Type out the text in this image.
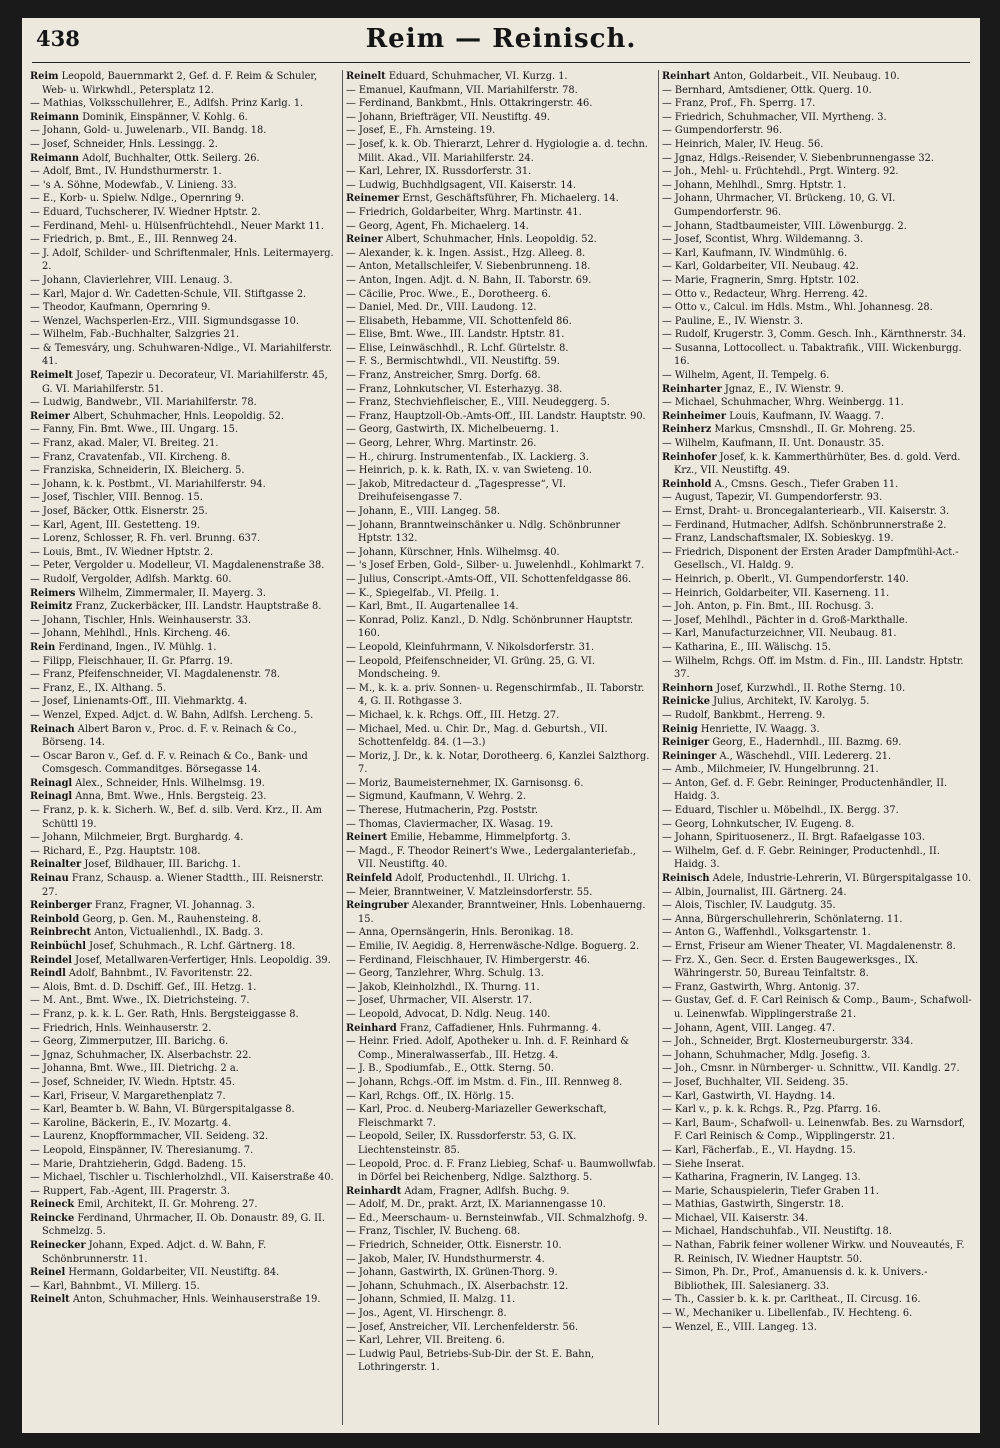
438	Reim — Reinisch.

Reim Leopold, Bauernmarkt 2, Gef. d. F. Reim & Schuler, Web- u. Wirkwhdl., Petersplatz 12.

— Mathias, Volksschullehrer, E., Adlfsh. Prinz Karlg. 1.

Reimann Dominik, Einspänner, V. Kohlg. 6.

— Johann, Gold- u. Juwelenarb., VII. Bandg. 18.

— Josef, Schneider, Hnls. Lessingg. 2.

Reimann Adolf, Buchhalter, Ottk. Seilerg. 26.

— Adolf, Bmt., IV. Hundsthurmerstr. 1.

— 's A. Söhne, Modewfab., V. Linieng. 33.

— E., Korb- u. Spielw. Ndlge., Opernring 9.

— Eduard, Tuchscherer, IV. Wiedner Hptstr. 2.

— Ferdinand, Mehl- u. Hülsenfrüchtehdl., Neuer Markt 11.

— Friedrich, p. Bmt., E., III. Rennweg 24.

— J. Adolf, Schilder- und Schriftenmaler, Hnls. Leitermayerg. 2.

— Johann, Clavierlehrer, VIII. Lenaug. 3.

— Karl, Major d. Wr. Cadetten-Schule, VII. Stiftgasse 2.

— Theodor, Kaufmann, Opernring 9.

— Wenzel, Wachsperlen-Erz., VIII. Sigmundsgasse 10.

— Wilhelm, Fab.-Buchhalter, Salzgries 21.

— & Temesváry, ung. Schuhwaren-Ndlge., VI. Mariahilferstr. 41.

Reimelt Josef, Tapezir u. Decorateur, VI. Mariahilferstr. 45, G. VI. Mariahilferstr. 51.

— Ludwig, Bandwebr., VII. Mariahilferstr. 78.

Reimer Albert, Schuhmacher, Hnls. Leopoldig. 52.

— Fanny, Fin. Bmt. Wwe., III. Ungarg. 15.

— Franz, akad. Maler, VI. Breiteg. 21.

— Franz, Cravatenfab., VII. Kircheng. 8.

— Franziska, Schneiderin, IX. Bleicherg. 5.

— Johann, k. k. Postbmt., VI. Mariahilferstr. 94.

— Josef, Tischler, VIII. Bennog. 15.

— Josef, Bäcker, Ottk. Eisnerstr. 25.

— Karl, Agent, III. Gestetteng. 19.

— Lorenz, Schlosser, R. Fh. verl. Brunng. 637.

— Louis, Bmt., IV. Wiedner Hptstr. 2.

— Peter, Vergolder u. Modelleur, VI. Magdalenenstraße 38.

— Rudolf, Vergolder, Adlfsh. Marktg. 60.

Reimers Wilhelm, Zimmermaler, II. Mayerg. 3.

Reimitz Franz, Zuckerbäcker, III. Landstr. Hauptstraße 8.

— Johann, Tischler, Hnls. Weinhauserstr. 33.

— Johann, Mehlhdl., Hnls. Kircheng. 46.

Rein Ferdinand, Ingen., IV. Mühlg. 1.

— Filipp, Fleischhauer, II. Gr. Pfarrg. 19.

— Franz, Pfeifenschneider, VI. Magdalenenstr. 78.

— Franz, E., IX. Althang. 5.

— Josef, Linienamts-Off., III. Viehmarktg. 4.

— Wenzel, Exped. Adjct. d. W. Bahn, Adlfsh. Lercheng. 5.

Reinach Albert Baron v., Proc. d. F. v. Reinach & Co., Börseng. 14.

— Oscar Baron v., Gef. d. F. v. Reinach & Co., Bank- und Comsgesch. Commanditges. Börsegasse 14.

Reinagl Alex., Schneider, Hnls. Wilhelmsg. 19.

Reinagl Anna, Bmt. Wwe., Hnls. Bergsteig. 23.

— Franz, p. k. k. Sicherh. W., Bef. d. silb. Verd. Krz., II. Am Schüttl 19.

— Johann, Milchmeier, Brgt. Burghardg. 4.

— Richard, E., Pzg. Hauptstr. 108.

Reinalter Josef, Bildhauer, III. Barichg. 1.

Reinau Franz, Schausp. a. Wiener Stadtth., III. Reisnerstr. 27.

Reinberger Franz, Fragner, VI. Johannag. 3.

Reinbold Georg, p. Gen. M., Rauhensteing. 8.

Reinbrecht Anton, Victualienhdl., IX. Badg. 3.

Reinbüchl Josef, Schuhmach., R. Lchf. Gärtnerg. 18.

Reindel Josef, Metallwaren-Verfertiger, Hnls. Leopoldig. 39.

Reindl Adolf, Bahnbmt., IV. Favoritenstr. 22.

— Alois, Bmt. d. D. Dschiff. Gef., III. Hetzg. 1.

— M. Ant., Bmt. Wwe., IX. Dietrichsteing. 7.

— Franz, p. k. k. L. Ger. Rath, Hnls. Bergsteiggasse 8.

— Friedrich, Hnls. Weinhauserstr. 2.

— Georg, Zimmerputzer, III. Barichg. 6.

— Jgnaz, Schuhmacher, IX. Alserbachstr. 22.

— Johanna, Bmt. Wwe., III. Dietrichg. 2 a.

— Josef, Schneider, IV. Wiedn. Hptstr. 45.

— Karl, Friseur, V. Margarethenplatz 7.

— Karl, Beamter b. W. Bahn, VI. Bürgerspitalgasse 8.

— Karoline, Bäckerin, E., IV. Mozartg. 4.

— Laurenz, Knopfformmacher, VII. Seideng. 32.

— Leopold, Einspänner, IV. Theresianumg. 7.

— Marie, Drahtzieherin, Gdgd. Badeng. 15.

— Michael, Tischler u. Tischlerholzhdl., VII. Kaiserstraße 40.

— Ruppert, Fab.-Agent, III. Pragerstr. 3.

Reineck Emil, Architekt, II. Gr. Mohreng. 27.

Reincke Ferdinand, Uhrmacher, II. Ob. Donaustr. 89, G. II. Schmelzg. 5.

Reinecker Johann, Exped. Adjct. d. W. Bahn, F. Schönbrunnerstr. 11.

Reinel Hermann, Goldarbeiter, VII. Neustiftg. 84.

— Karl, Bahnbmt., VI. Millerg. 15.

Reinelt Anton, Schuhmacher, Hnls. Weinhauserstraße 19.

Reinelt Eduard, Schuhmacher, VI. Kurzg. 1.

— Emanuel, Kaufmann, VII. Mariahilferstr. 78.

— Ferdinand, Bankbmt., Hnls. Ottakringerstr. 46.

— Johann, Briefträger, VII. Neustiftg. 49.

— Josef, E., Fh. Arnsteing. 19.

— Josef, k. k. Ob. Thierarzt, Lehrer d. Hygiologie a. d. techn. Milit. Akad., VII. Mariahilferstr. 24.

— Karl, Lehrer, IX. Russdorferstr. 31.

— Ludwig, Buchhdlgsagent, VII. Kaiserstr. 14.

Reinemer Ernst, Geschäftsführer, Fh. Michaelerg. 14.

— Friedrich, Goldarbeiter, Whrg. Martinstr. 41.

— Georg, Agent, Fh. Michaelerg. 14.

Reiner Albert, Schuhmacher, Hnls. Leopoldig. 52.

— Alexander, k. k. Ingen. Assist., Hzg. Alleeg. 8.

— Anton, Metallschleifer, V. Siebenbrunneng. 18.

— Anton, Ingen. Adjt. d. N. Bahn, II. Taborstr. 69.

— Cäcilie, Proc. Wwe., E., Dorotheerg. 6.

— Daniel, Med. Dr., VIII. Laudong. 12.

— Elisabeth, Hebamme, VII. Schottenfeld 86.

— Elise, Bmt. Wwe., III. Landstr. Hptstr. 81.

— Elise, Leinwäschhdl., R. Lchf. Gürtelstr. 8.

— F. S., Bermischtwhdl., VII. Neustiftg. 59.

— Franz, Anstreicher, Smrg. Dorfg. 68.

— Franz, Lohnkutscher, VI. Esterhazyg. 38.

— Franz, Stechviehfleischer, E., VIII. Neudeggerg. 5.

— Franz, Hauptzoll-Ob.-Amts-Off., III. Landstr. Hauptstr. 90.

— Georg, Gastwirth, IX. Michelbeuerng. 1.

— Georg, Lehrer, Whrg. Martinstr. 26.

— H., chirurg. Instrumentenfab., IX. Lackierg. 3.

— Heinrich, p. k. k. Rath, IX. v. van Swieteng. 10.

— Jakob, Mitredacteur d. „Tagespresse“, VI. Dreihufeisengasse 7.

— Johann, E., VIII. Langeg. 58.

— Johann, Branntweinschänker u. Ndlg. Schönbrunner Hptstr. 132.

— Johann, Kürschner, Hnls. Wilhelmsg. 40.

— 's Josef Erben, Gold-, Silber- u. Juwelenhdl., Kohlmarkt 7.

— Julius, Conscript.-Amts-Off., VII. Schottenfeldgasse 86.

— K., Spiegelfab., VI. Pfeilg. 1.

— Karl, Bmt., II. Augartenallee 14.

— Konrad, Poliz. Kanzl., D. Ndlg. Schönbrunner Hauptstr. 160.

— Leopold, Kleinfuhrmann, V. Nikolsdorferstr. 31.

— Leopold, Pfeifenschneider, VI. Grüng. 25, G. VI. Mondscheing. 9.

— M., k. k. a. priv. Sonnen- u. Regenschirmfab., II. Taborstr. 4, G. II. Rothgasse 3.

— Michael, k. k. Rchgs. Off., III. Hetzg. 27.

— Michael, Med. u. Chir. Dr., Mag. d. Geburtsh., VII. Schottenfeldg. 84. (1—3.)

— Moriz, J. Dr., k. k. Notar, Dorotheerg. 6, Kanzlei Salzthorg. 7.

— Moriz, Baumeisternehmer, IX. Garnisonsg. 6.

— Sigmund, Kaufmann, V. Wehrg. 2.

— Therese, Hutmacherin, Pzg. Poststr.

— Thomas, Claviermacher, IX. Wasag. 19.

Reinert Emilie, Hebamme, Himmelpfortg. 3.

— Magd., F. Theodor Reinert's Wwe., Ledergalanteriefab., VII. Neustiftg. 40.

Reinfeld Adolf, Productenhdl., II. Ulrichg. 1.

— Meier, Branntweiner, V. Matzleinsdorferstr. 55.

Reingruber Alexander, Branntweiner, Hnls. Lobenhauerng. 15.

— Anna, Opernsängerin, Hnls. Beronikag. 18.

— Emilie, IV. Aegidig. 8, Herrenwäsche-Ndlge. Boguerg. 2.

— Ferdinand, Fleischhauer, IV. Himbergerstr. 46.

— Georg, Tanzlehrer, Whrg. Schulg. 13.

— Jakob, Kleinholzhdl., IX. Thurng. 11.

— Josef, Uhrmacher, VII. Alserstr. 17.

— Leopold, Advocat, D. Ndlg. Neug. 140.

Reinhard Franz, Caffadiener, Hnls. Fuhrmanng. 4.

— Heinr. Fried. Adolf, Apotheker u. Inh. d. F. Reinhard & Comp., Mineralwasserfab., III. Hetzg. 4.

— J. B., Spodiumfab., E., Ottk. Sterng. 50.

— Johann, Rchgs.-Off. im Mstm. d. Fin., III. Rennweg 8.

— Karl, Rchgs. Off., IX. Hörlg. 15.

— Karl, Proc. d. Neuberg-Mariazeller Gewerkschaft, Fleischmarkt 7.

— Leopold, Seiler, IX. Russdorferstr. 53, G. IX. Liechtensteinstr. 85.

— Leopold, Proc. d. F. Franz Liebieg, Schaf- u. Baumwollwfab. in Dörfel bei Reichenberg, Ndlge. Salzthorg. 5.

Reinhardt Adam, Fragner, Adlfsh. Buchg. 9.

— Adolf, M. Dr., prakt. Arzt, IX. Mariannengasse 10.

— Ed., Meerschaum- u. Bernsteinwfab., VII. Schmalzhofg. 9.

— Franz, Tischler, IV. Bucheng. 68.

— Friedrich, Schneider, Ottk. Eisnerstr. 10.

— Jakob, Maler, IV. Hundsthurmerstr. 4.

— Johann, Gastwirth, IX. Grünen-Thorg. 9.

— Johann, Schuhmach., IX. Alserbachstr. 12.

— Johann, Schmied, II. Malzg. 11.

— Jos., Agent, VI. Hirschengr. 8.

— Josef, Anstreicher, VII. Lerchenfelderstr. 56.

— Karl, Lehrer, VII. Breiteng. 6.

— Ludwig Paul, Betriebs-Sub-Dir. der St. E. Bahn, Lothringerstr. 1.

Reinhart Anton, Goldarbeit., VII. Neubaug. 10.

— Bernhard, Amtsdiener, Ottk. Querg. 10.

— Franz, Prof., Fh. Sperrg. 17.

— Friedrich, Schuhmacher, VII. Myrtheng. 3.

— Gumpendorferstr. 96.

— Heinrich, Maler, IV. Heug. 56.

— Jgnaz, Hdlgs.-Reisender, V. Siebenbrunnengasse 32.

— Joh., Mehl- u. Früchtehdl., Prgt. Winterg. 92.

— Johann, Mehlhdl., Smrg. Hptstr. 1.

— Johann, Uhrmacher, VI. Brückeng. 10, G. VI. Gumpendorferstr. 96.

— Johann, Stadtbaumeister, VIII. Löwenburgg. 2.

— Josef, Scontist, Whrg. Wildemanng. 3.

— Karl, Kaufmann, IV. Windmühlg. 6.

— Karl, Goldarbeiter, VII. Neubaug. 42.

— Marie, Fragnerin, Smrg. Hptstr. 102.

— Otto v., Redacteur, Whrg. Herreng. 42.

— Otto v., Calcul. im Hdls. Mstm., Whl. Johannesg. 28.

— Pauline, E., IV. Wienstr. 3.

— Rudolf, Krugerstr. 3, Comm. Gesch. Inh., Kärnthnerstr. 34.

— Susanna, Lottocollect. u. Tabaktrafik., VIII. Wickenburgg. 16.

— Wilhelm, Agent, II. Tempelg. 6.

Reinharter Jgnaz, E., IV. Wienstr. 9.

— Michael, Schuhmacher, Whrg. Weinbergg. 11.

Reinheimer Louis, Kaufmann, IV. Waagg. 7.

Reinherz Markus, Cmsnshdl., II. Gr. Mohreng. 25.

— Wilhelm, Kaufmann, II. Unt. Donaustr. 35.

Reinhofer Josef, k. k. Kammerthürhüter, Bes. d. gold. Verd. Krz., VII. Neustiftg. 49.

Reinhold A., Cmsns. Gesch., Tiefer Graben 11.

— August, Tapezir, VI. Gumpendorferstr. 93.

— Ernst, Draht- u. Broncegalanteriearb., VII. Kaiserstr. 3.

— Ferdinand, Hutmacher, Adlfsh. Schönbrunnerstraße 2.

— Franz, Landschaftsmaler, IX. Sobieskyg. 19.

— Friedrich, Disponent der Ersten Arader Dampfmühl-Act.-Gesellsch., VI. Haldg. 9.

— Heinrich, p. Oberlt., VI. Gumpendorferstr. 140.

— Heinrich, Goldarbeiter, VII. Kaserneng. 11.

— Joh. Anton, p. Fin. Bmt., III. Rochusg. 3.

— Josef, Mehlhdl., Pächter in d. Groß-Markthalle.

— Karl, Manufacturzeichner, VII. Neubaug. 81.

— Katharina, E., III. Wälischg. 15.

— Wilhelm, Rchgs. Off. im Mstm. d. Fin., III. Landstr. Hptstr. 37.

Reinhorn Josef, Kurzwhdl., II. Rothe Sterng. 10.

Reinicke Julius, Architekt, IV. Karolyg. 5.

— Rudolf, Bankbmt., Herreng. 9.

Reinig Henriette, IV. Waagg. 3.

Reiniger Georg, E., Hadernhdl., III. Bazmg. 69.

Reininger A., Wäschehdl., VIII. Ledererg. 21.

— Amb., Milchmeier, IV. Hungelbrunng. 21.

— Anton, Gef. d. F. Gebr. Reininger, Productenhändler, II. Haidg. 3.

— Eduard, Tischler u. Möbelhdl., IX. Bergg. 37.

— Georg, Lohnkutscher, IV. Eugeng. 8.

— Johann, Spirituosenerz., II. Brgt. Rafaelgasse 103.

— Wilhelm, Gef. d. F. Gebr. Reininger, Productenhdl., II. Haidg. 3.

Reinisch Adele, Industrie-Lehrerin, VI. Bürgerspitalgasse 10.

— Albin, Journalist, III. Gärtnerg. 24.

— Alois, Tischler, IV. Laudgutg. 35.

— Anna, Bürgerschullehrerin, Schönlaterng. 11.

— Anton G., Waffenhdl., Volksgartenstr. 1.

— Ernst, Friseur am Wiener Theater, VI. Magdalenenstr. 8.

— Frz. X., Gen. Secr. d. Ersten Baugewerksges., IX. Währingerstr. 50, Bureau Teinfaltstr. 8.

— Franz, Gastwirth, Whrg. Antonig. 37.

— Gustav, Gef. d. F. Carl Reinisch & Comp., Baum-, Schafwoll- u. Leinenwfab. Wipplingerstraße 21.

— Johann, Agent, VIII. Langeg. 47.

— Joh., Schneider, Brgt. Klosterneuburgerstr. 334.

— Johann, Schuhmacher, Mdlg. Josefig. 3.

— Joh., Cmsnr. in Nürnberger- u. Schnittw., VII. Kandlg. 27.

— Josef, Buchhalter, VII. Seideng. 35.

— Karl, Gastwirth, VI. Haydng. 14.

— Karl v., p. k. k. Rchgs. R., Pzg. Pfarrg. 16.

— Karl, Baum-, Schafwoll- u. Leinenwfab. Bes. zu Warnsdorf, F. Carl Reinisch & Comp., Wipplingerstr. 21.

— Karl, Fächerfab., E., VI. Haydng. 15.

— Siehe Inserat.

— Katharina, Fragnerin, IV. Langeg. 13.

— Marie, Schauspielerin, Tiefer Graben 11.

— Mathias, Gastwirth, Singerstr. 18.

— Michael, VII. Kaiserstr. 34.

— Michael, Handschuhfab., VII. Neustiftg. 18.

— Nathan, Fabrik feiner wollener Wirkw. und Nouveautés, F. R. Reinisch, IV. Wiedner Hauptstr. 50.

— Simon, Ph. Dr., Prof., Amanuensis d. k. k. Univers.-Bibliothek, III. Salesianerg. 33.

— Th., Cassier b. k. k. pr. Carltheat., II. Circusg. 16.

— W., Mechaniker u. Libellenfab., IV. Hechteng. 6.

— Wenzel, E., VIII. Langeg. 13.
